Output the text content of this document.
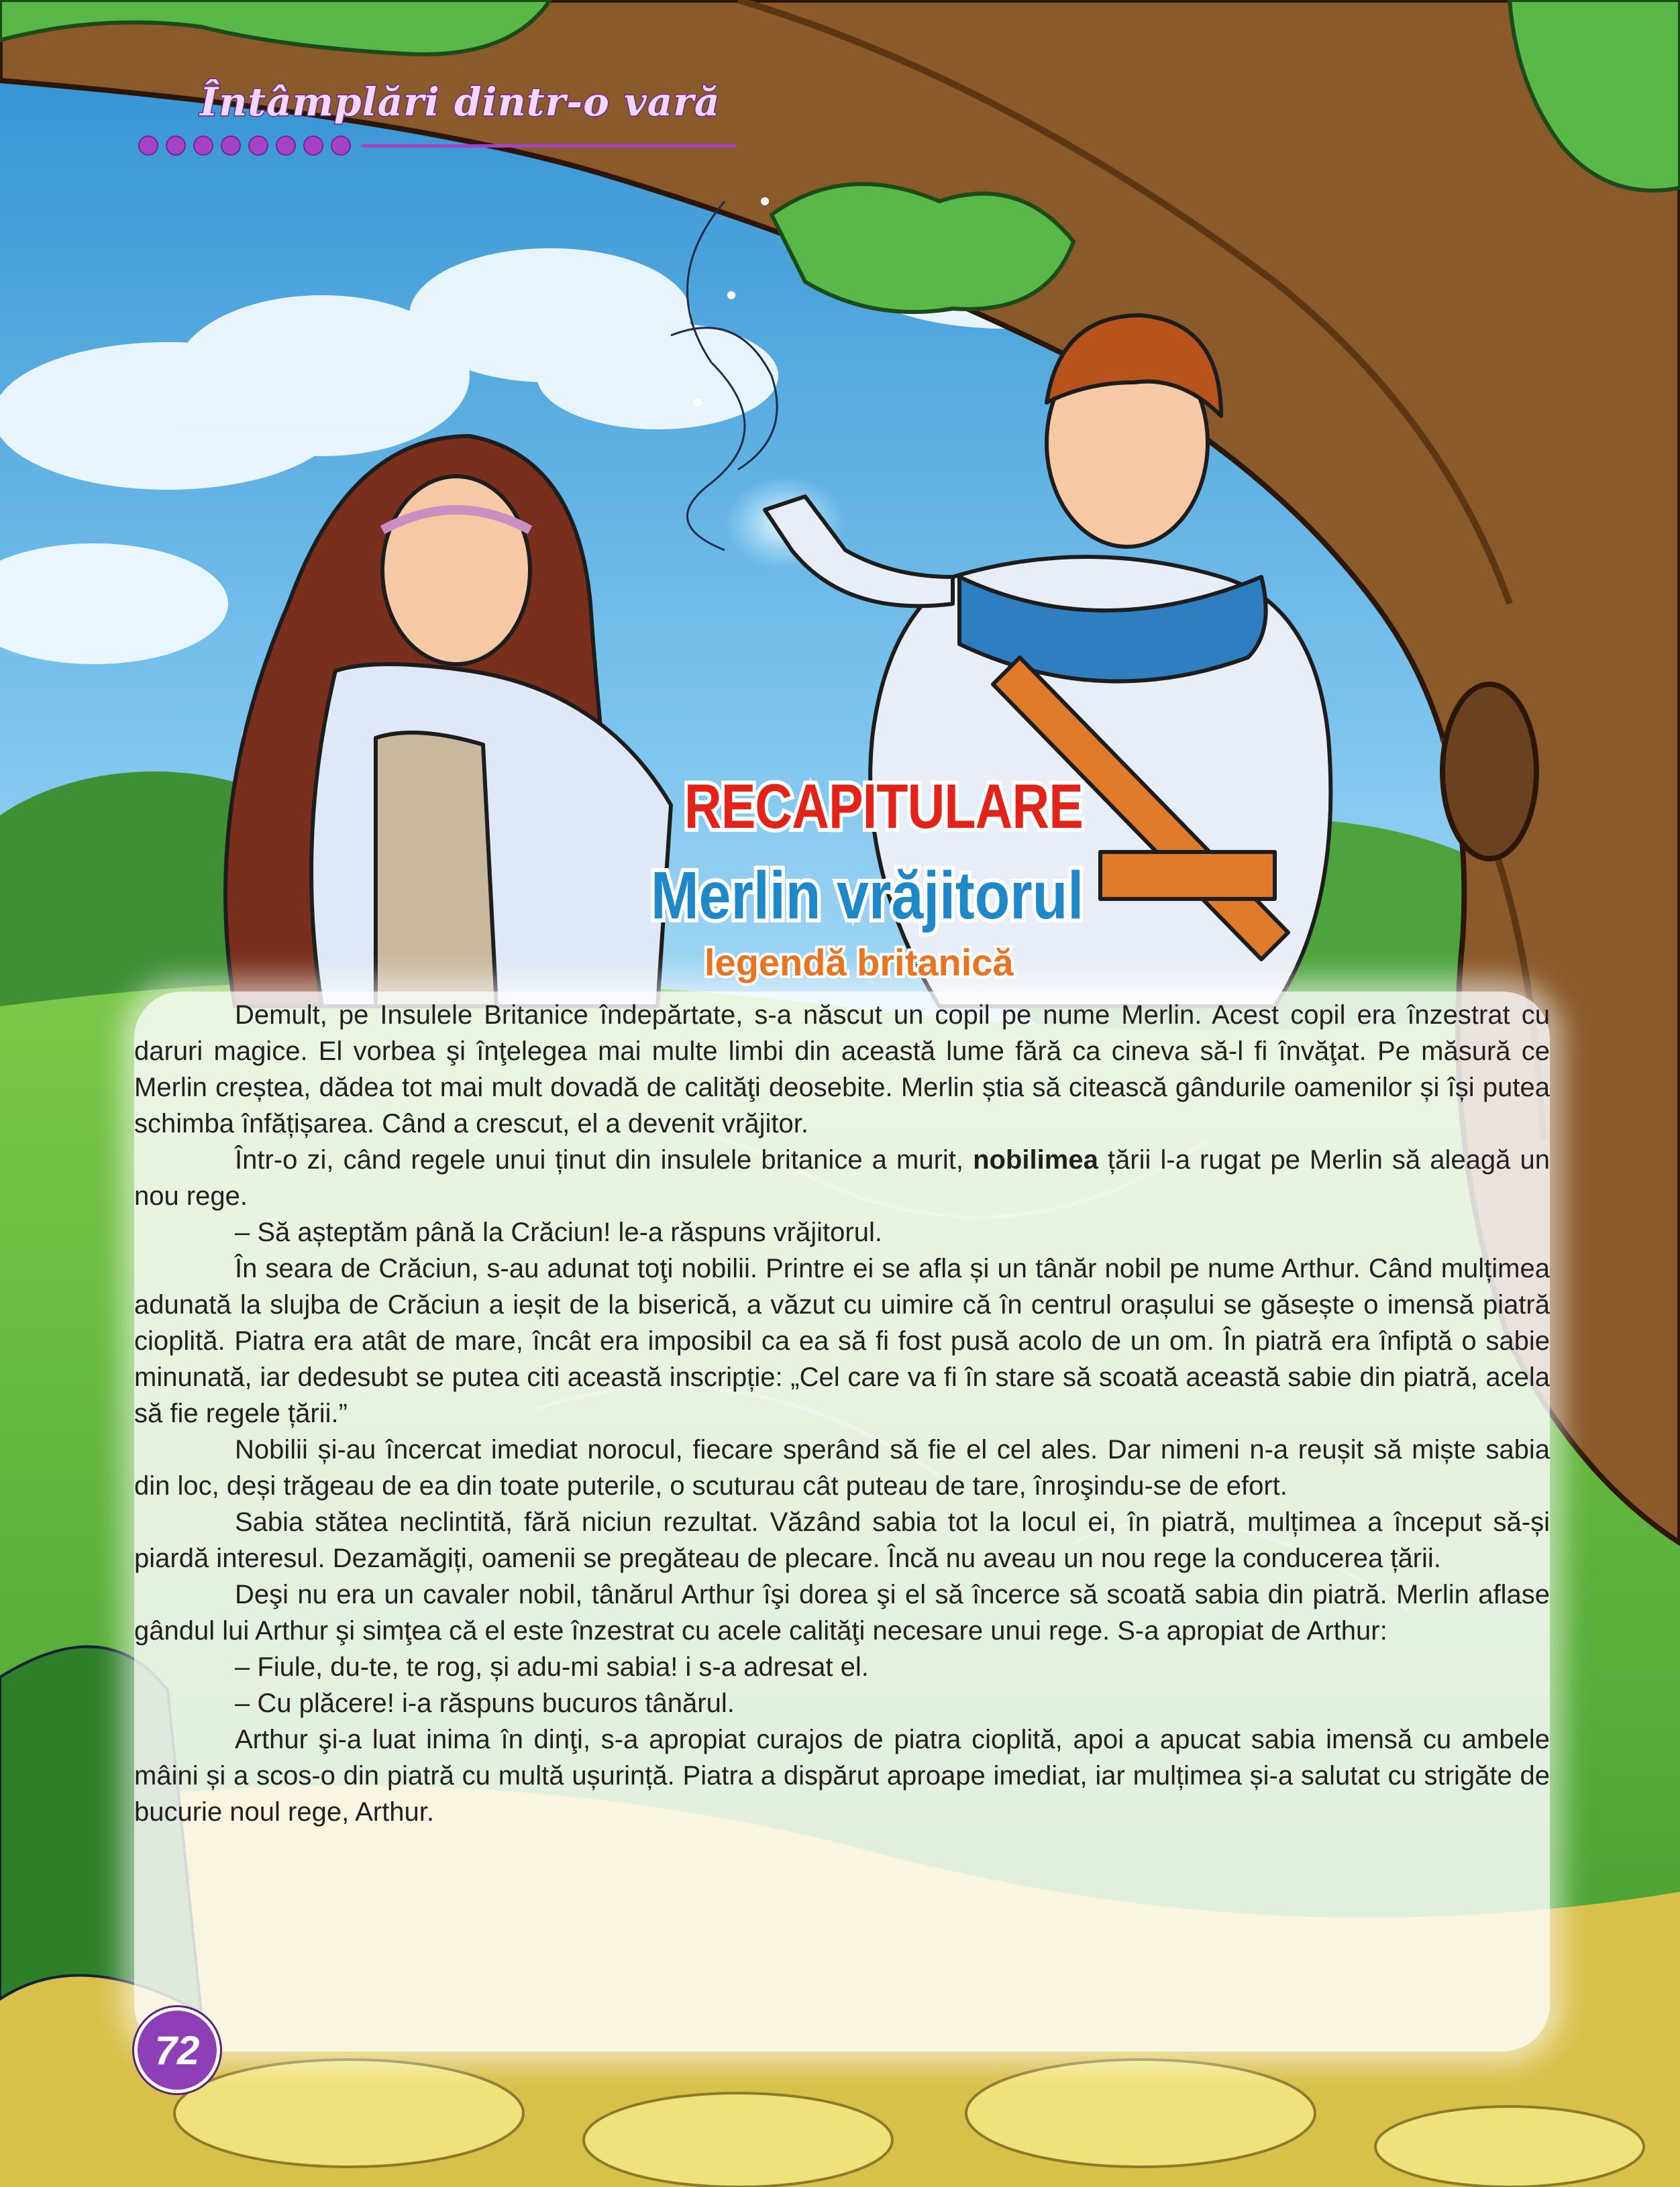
Întâmplări dintr-o vară
RECAPITULARE
Merlin vrăjitorul
legendă britanică

Demult, pe Insulele Britanice îndepărtate, s-a născut un copil pe nume Merlin. Acest copil era înzestrat cu daruri magice. El vorbea şi înţelegea mai multe limbi din această lume fără ca cineva să-l fi învăţat. Pe măsură ce Merlin creștea, dădea tot mai mult dovadă de calităţi deosebite. Merlin știa să citească gândurile oamenilor și își putea schimba înfățișarea. Când a crescut, el a devenit vrăjitor.

Într-o zi, când regele unui ținut din insulele britanice a murit, nobilimea țării l-a rugat pe Merlin să aleagă un nou rege.

– Să așteptăm până la Crăciun! le-a răspuns vrăjitorul.

În seara de Crăciun, s-au adunat toţi nobilii. Printre ei se afla și un tânăr nobil pe nume Arthur. Când mulțimea adunată la slujba de Crăciun a ieșit de la biserică, a văzut cu uimire că în centrul orașului se găsește o imensă piatră cioplită. Piatra era atât de mare, încât era imposibil ca ea să fi fost pusă acolo de un om. În piatră era înfiptă o sabie minunată, iar dedesubt se putea citi această inscripție: „Cel care va fi în stare să scoată această sabie din piatră, acela să fie regele țării.”

Nobilii și-au încercat imediat norocul, fiecare sperând să fie el cel ales. Dar nimeni n-a reușit să miște sabia din loc, deși trăgeau de ea din toate puterile, o scuturau cât puteau de tare, înroşindu-se de efort.

Sabia stătea neclintită, fără niciun rezultat. Văzând sabia tot la locul ei, în piatră, mulțimea a început să-și piardă interesul. Dezamăgiți, oamenii se pregăteau de plecare. Încă nu aveau un nou rege la conducerea țării.

Deşi nu era un cavaler nobil, tânărul Arthur îşi dorea şi el să încerce să scoată sabia din piatră. Merlin aflase gândul lui Arthur şi simţea că el este înzestrat cu acele calităţi necesare unui rege. S-a apropiat de Arthur:

– Fiule, du-te, te rog, și adu-mi sabia! i s-a adresat el.

– Cu plăcere! i-a răspuns bucuros tânărul.

Arthur şi-a luat inima în dinţi, s-a apropiat curajos de piatra cioplită, apoi a apucat sabia imensă cu ambele mâini și a scos-o din piatră cu multă ușurință. Piatra a dispărut aproape imediat, iar mulțimea și-a salutat cu strigăte de bucurie noul rege, Arthur.

72
